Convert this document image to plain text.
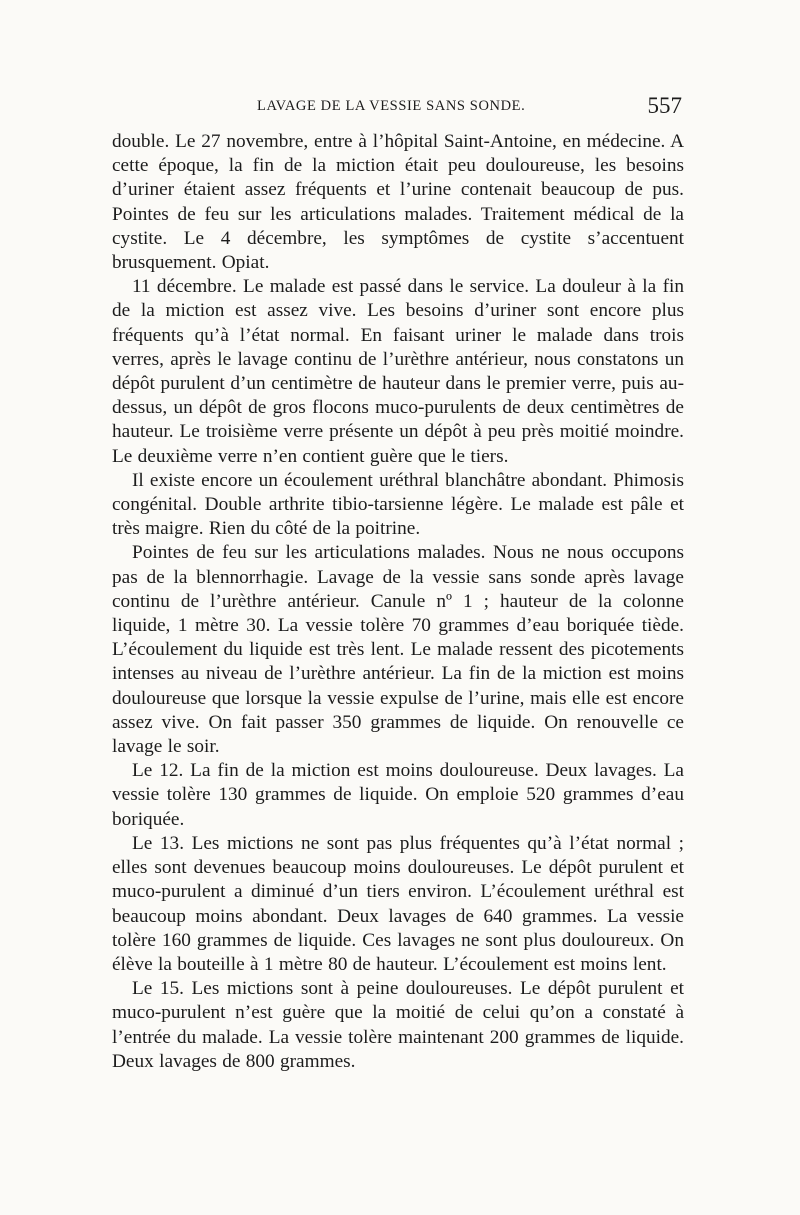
LAVAGE DE LA VESSIE SANS SONDE.	557

double. Le 27 novembre, entre à l’hôpital Saint-Antoine, en médecine. A cette époque, la fin de la miction était peu douloureuse, les besoins d’uriner étaient assez fréquents et l’urine contenait beaucoup de pus. Pointes de feu sur les articulations malades. Traitement médical de la cystite. Le 4 décembre, les symptômes de cystite s’accentuent brusquement. Opiat.

11 décembre. Le malade est passé dans le service. La douleur à la fin de la miction est assez vive. Les besoins d’uriner sont encore plus fréquents qu’à l’état normal. En faisant uriner le malade dans trois verres, après le lavage continu de l’urèthre antérieur, nous constatons un dépôt purulent d’un centimètre de hauteur dans le premier verre, puis au-dessus, un dépôt de gros flocons muco-purulents de deux centimètres de hauteur. Le troisième verre présente un dépôt à peu près moitié moindre. Le deuxième verre n’en contient guère que le tiers.

Il existe encore un écoulement uréthral blanchâtre abondant. Phimosis congénital. Double arthrite tibio-tarsienne légère. Le malade est pâle et très maigre. Rien du côté de la poitrine.

Pointes de feu sur les articulations malades. Nous ne nous occupons pas de la blennorrhagie. Lavage de la vessie sans sonde après lavage continu de l’urèthre antérieur. Canule nº 1 ; hauteur de la colonne liquide, 1 mètre 30. La vessie tolère 70 grammes d’eau boriquée tiède. L’écoulement du liquide est très lent. Le malade ressent des picotements intenses au niveau de l’urèthre antérieur. La fin de la miction est moins douloureuse que lorsque la vessie expulse de l’urine, mais elle est encore assez vive. On fait passer 350 grammes de liquide. On renouvelle ce lavage le soir.

Le 12. La fin de la miction est moins douloureuse. Deux lavages. La vessie tolère 130 grammes de liquide. On emploie 520 grammes d’eau boriquée.

Le 13. Les mictions ne sont pas plus fréquentes qu’à l’état normal ; elles sont devenues beaucoup moins douloureuses. Le dépôt purulent et muco-purulent a diminué d’un tiers environ. L’écoulement uréthral est beaucoup moins abondant. Deux lavages de 640 grammes. La vessie tolère 160 grammes de liquide. Ces lavages ne sont plus douloureux. On élève la bouteille à 1 mètre 80 de hauteur. L’écoulement est moins lent.

Le 15. Les mictions sont à peine douloureuses. Le dépôt purulent et muco-purulent n’est guère que la moitié de celui qu’on a constaté à l’entrée du malade. La vessie tolère maintenant 200 grammes de liquide. Deux lavages de 800 grammes.
